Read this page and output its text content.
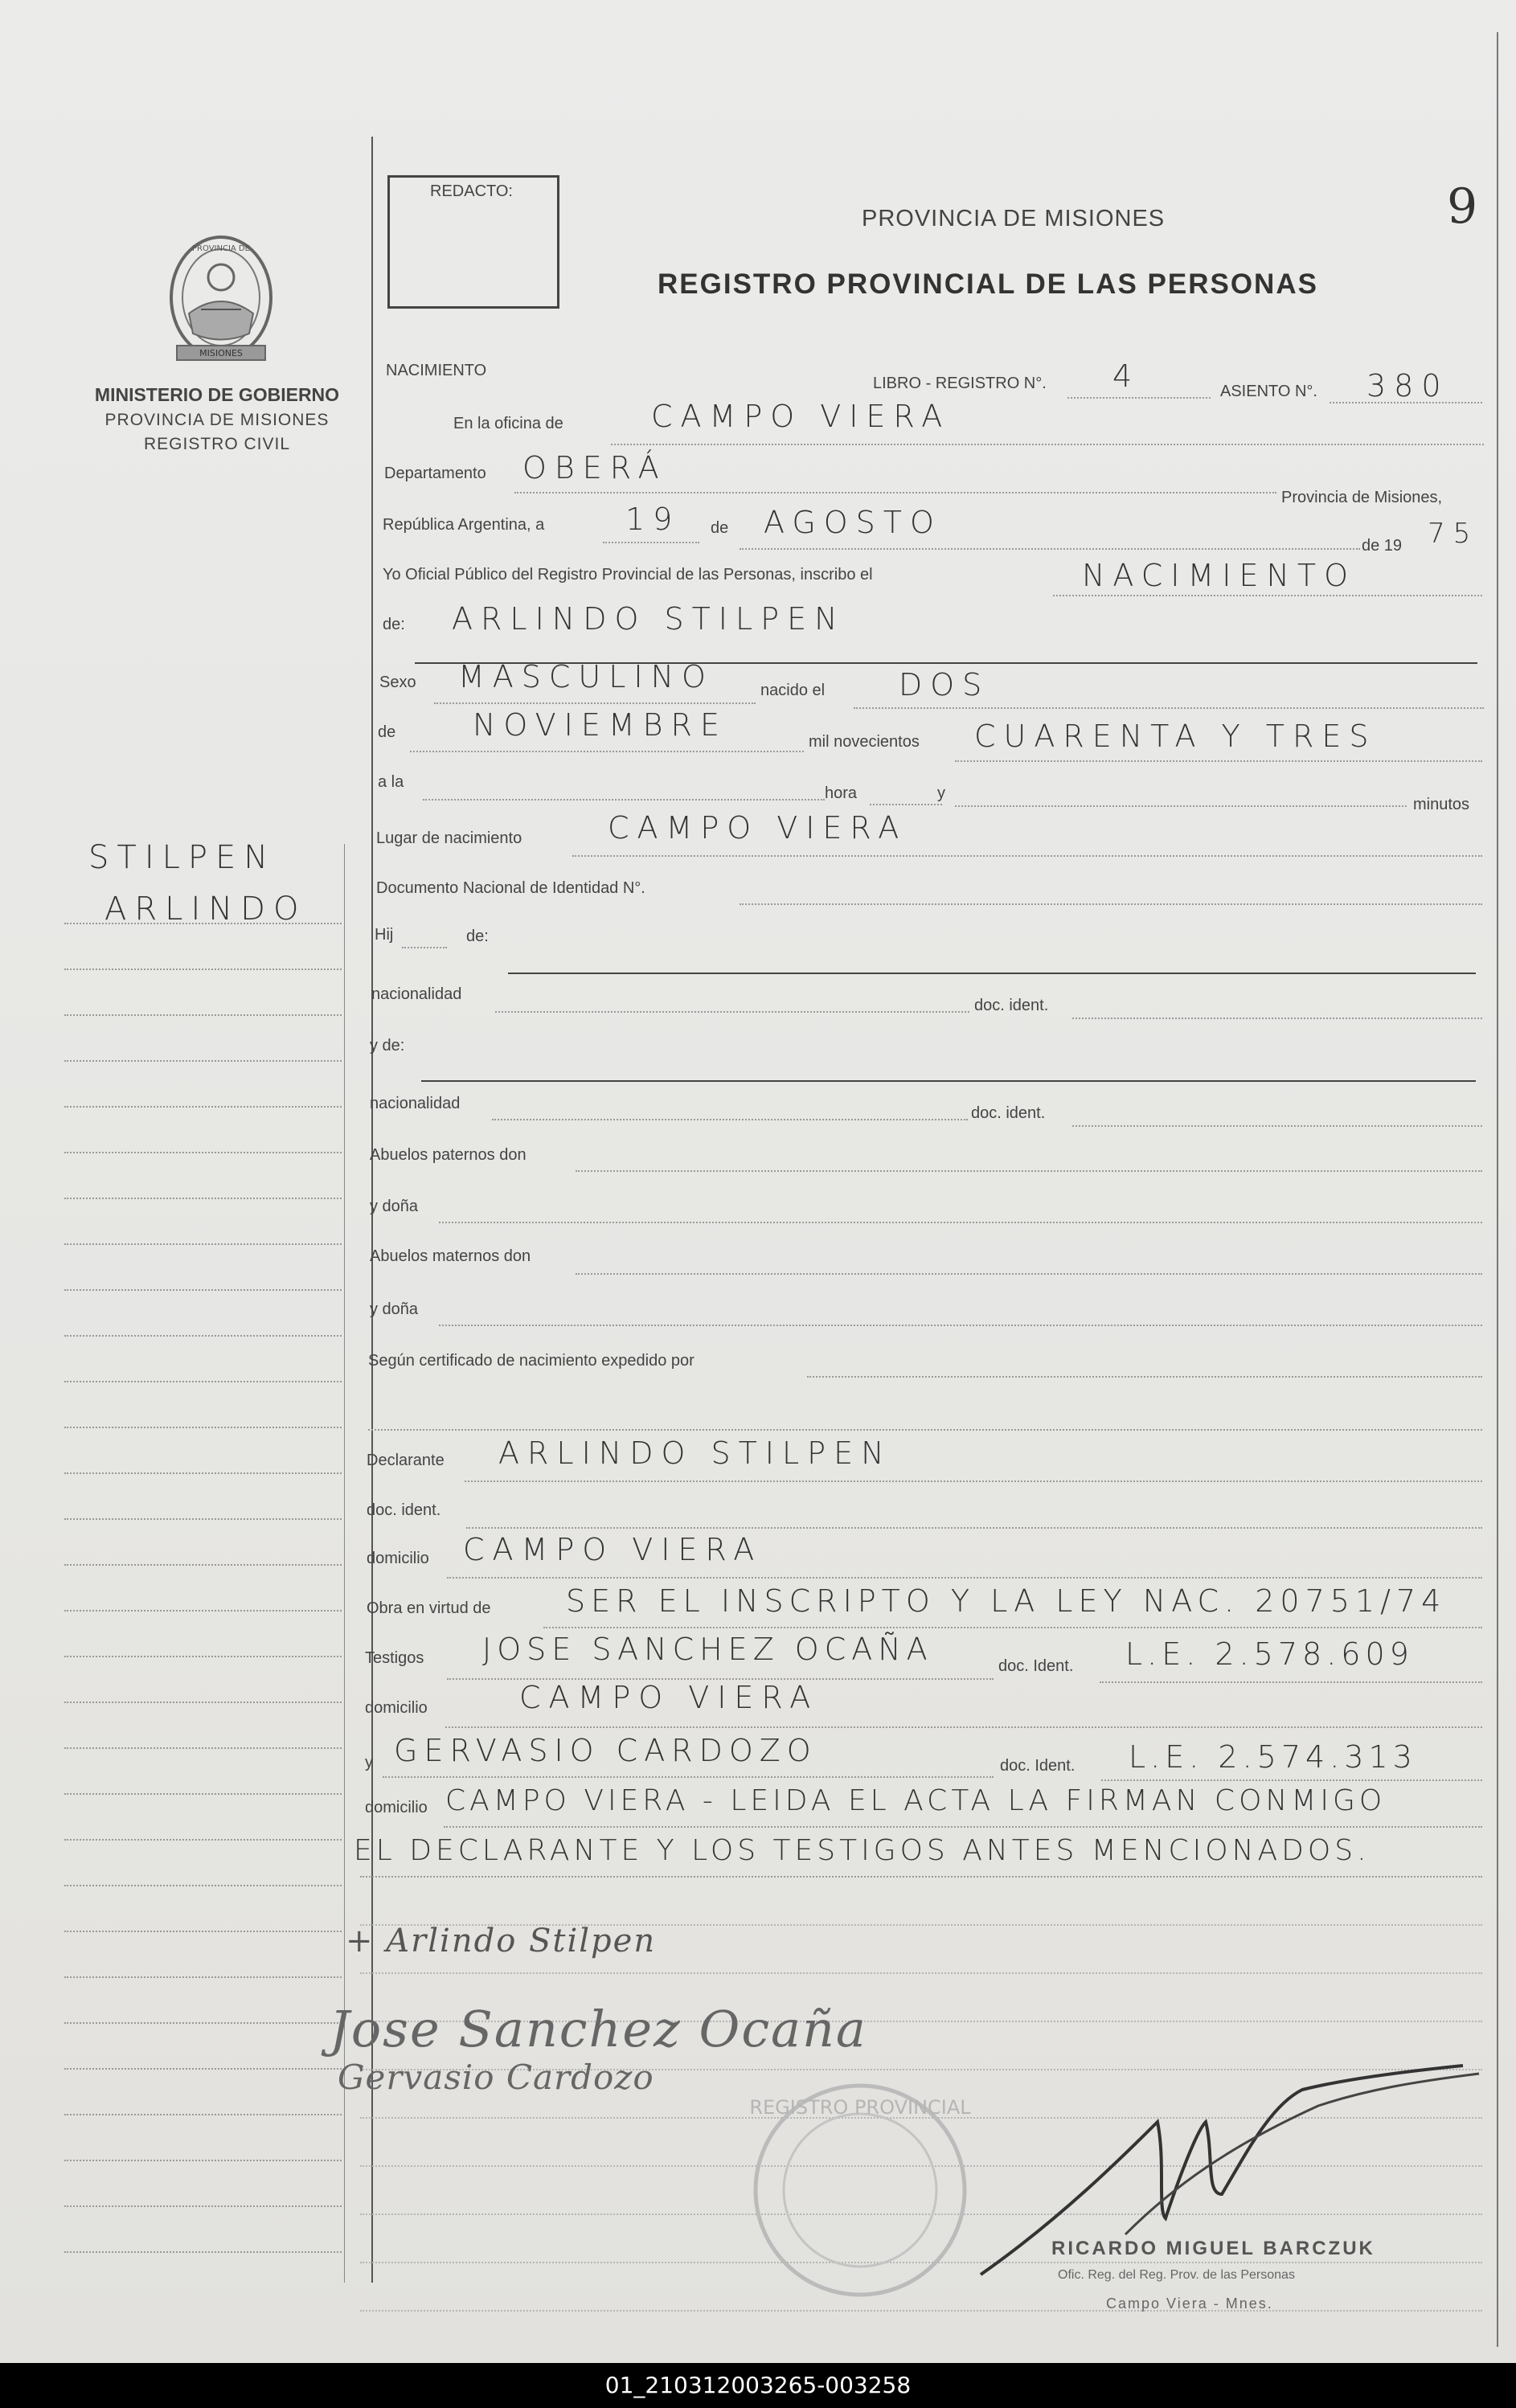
PROVINCIA DE
MISIONES
MINISTERIO DE GOBIERNO
PROVINCIA DE MISIONES
REGISTRO CIVIL
STILPEN
ARLINDO
REDACTO:
PROVINCIA DE MISIONES
REGISTRO PROVINCIAL DE LAS PERSONAS
9
NACIMIENTO
LIBRO - REGISTRO N°. 4	ASIENTO N°. 380
En la oficina de	CAMPO VIERA
Departamento OBERÁ
Provincia de Misiones,
República Argentina, a	19 de AGOSTO
de 19 75
Yo Oficial Público del Registro Provincial de las Personas, inscribo el	NACIMIENTO
de: ARLINDO STILPEN
Sexo MASCULINO	nacido el DOS
de	NOVIEMBRE	mil novecientos CUARENTA Y TRES
a la
hora	y
minutos
Lugar de nacimiento	CAMPO VIERA
Documento Nacional de Identidad N°.
Hij	de:
nacionalidad
doc. ident.
y de:
nacionalidad
doc. ident.
Abuelos paternos don
y doña
Abuelos maternos don
y doña
Según certificado de nacimiento expedido por
Declarante ARLINDO STILPEN
doc. ident.
domicilio CAMPO VIERA
Obra en virtud de SER EL INSCRIPTO Y LA LEY NAC. 20751/74
Testigos JOSE SANCHEZ OCAÑA	doc. Ident. L.E. 2.578.609
domicilio	CAMPO VIERA
y GERVASIO CARDOZO	doc. Ident. L.E. 2.574.313
domicilio CAMPO VIERA - LEIDA EL ACTA LA FIRMAN CONMIGO
EL DECLARANTE Y LOS TESTIGOS ANTES MENCIONADOS.
+ Arlindo Stilpen
Jose Sanchez Ocaña
Gervasio Cardozo
REGISTRO PROVINCIAL
RICARDO MIGUEL BARCZUK
Ofic. Reg. del Reg. Prov. de las Personas
Campo Viera - Mnes.
01_210312003265-003258
